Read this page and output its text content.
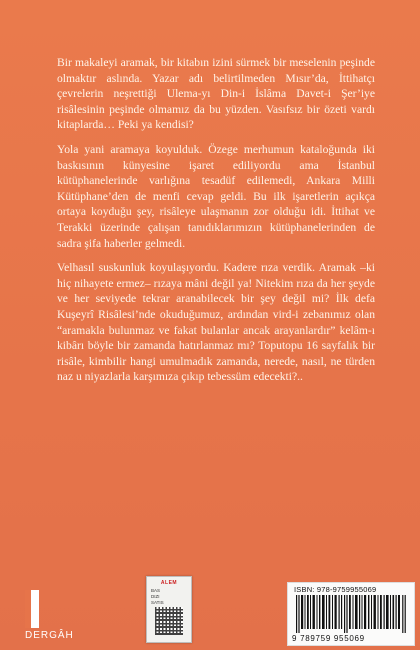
Bir makaleyi aramak, bir kitabın izini sürmek bir meselenin peşinde olmaktır aslında. Yazar adı belirtilmeden Mısır’da, İttihatçı çevrelerin neşrettiği Ulema-yı Din-i İslâma Davet-i Şer’iye risâlesinin peşinde olmamız da bu yüzden. Vasıfsız bir özeti vardı kitaplarda… Peki ya kendisi?

Yola yani aramaya koyulduk. Özege merhumun kataloğunda iki baskısının künyesine işaret ediliyordu ama İstanbul kütüphanelerinde varlığına tesadüf edilemedi, Ankara Milli Kütüphane’den de menfi cevap geldi. Bu ilk işaretlerin açıkça ortaya koyduğu şey, risâleye ulaşmanın zor olduğu idi. İttihat ve Terakki üzerinde çalışan tanıdıklarımızın kütüphanelerinden de sadra şifa haberler gelmedi.

Velhasıl suskunluk koyulaşıyordu. Kadere rıza verdik. Aramak –ki hiç nihayete ermez– rızaya mâni değil ya! Nitekim rıza da her şeyde ve her seviyede tekrar aranabilecek bir şey değil mi? İlk defa Kuşeyrî Risâlesi’nde okuduğumuz, ardından vird-i zebanımız olan “aramakla bulunmaz ve fakat bulanlar ancak arayanlardır” kelâm-ı kibârı böyle bir zamanda hatırlanmaz mı? Toputopu 16 sayfalık bir risâle, kimbilir hangi umulmadık zamanda, nerede, nasıl, ne türden naz u niyazlarla karşımıza çıkıp tebessüm edecekti?..

DERGÂH
ALEM
BAS
DIZI
SATIS
ISBN: 978-9759955069
9 789759 955069
